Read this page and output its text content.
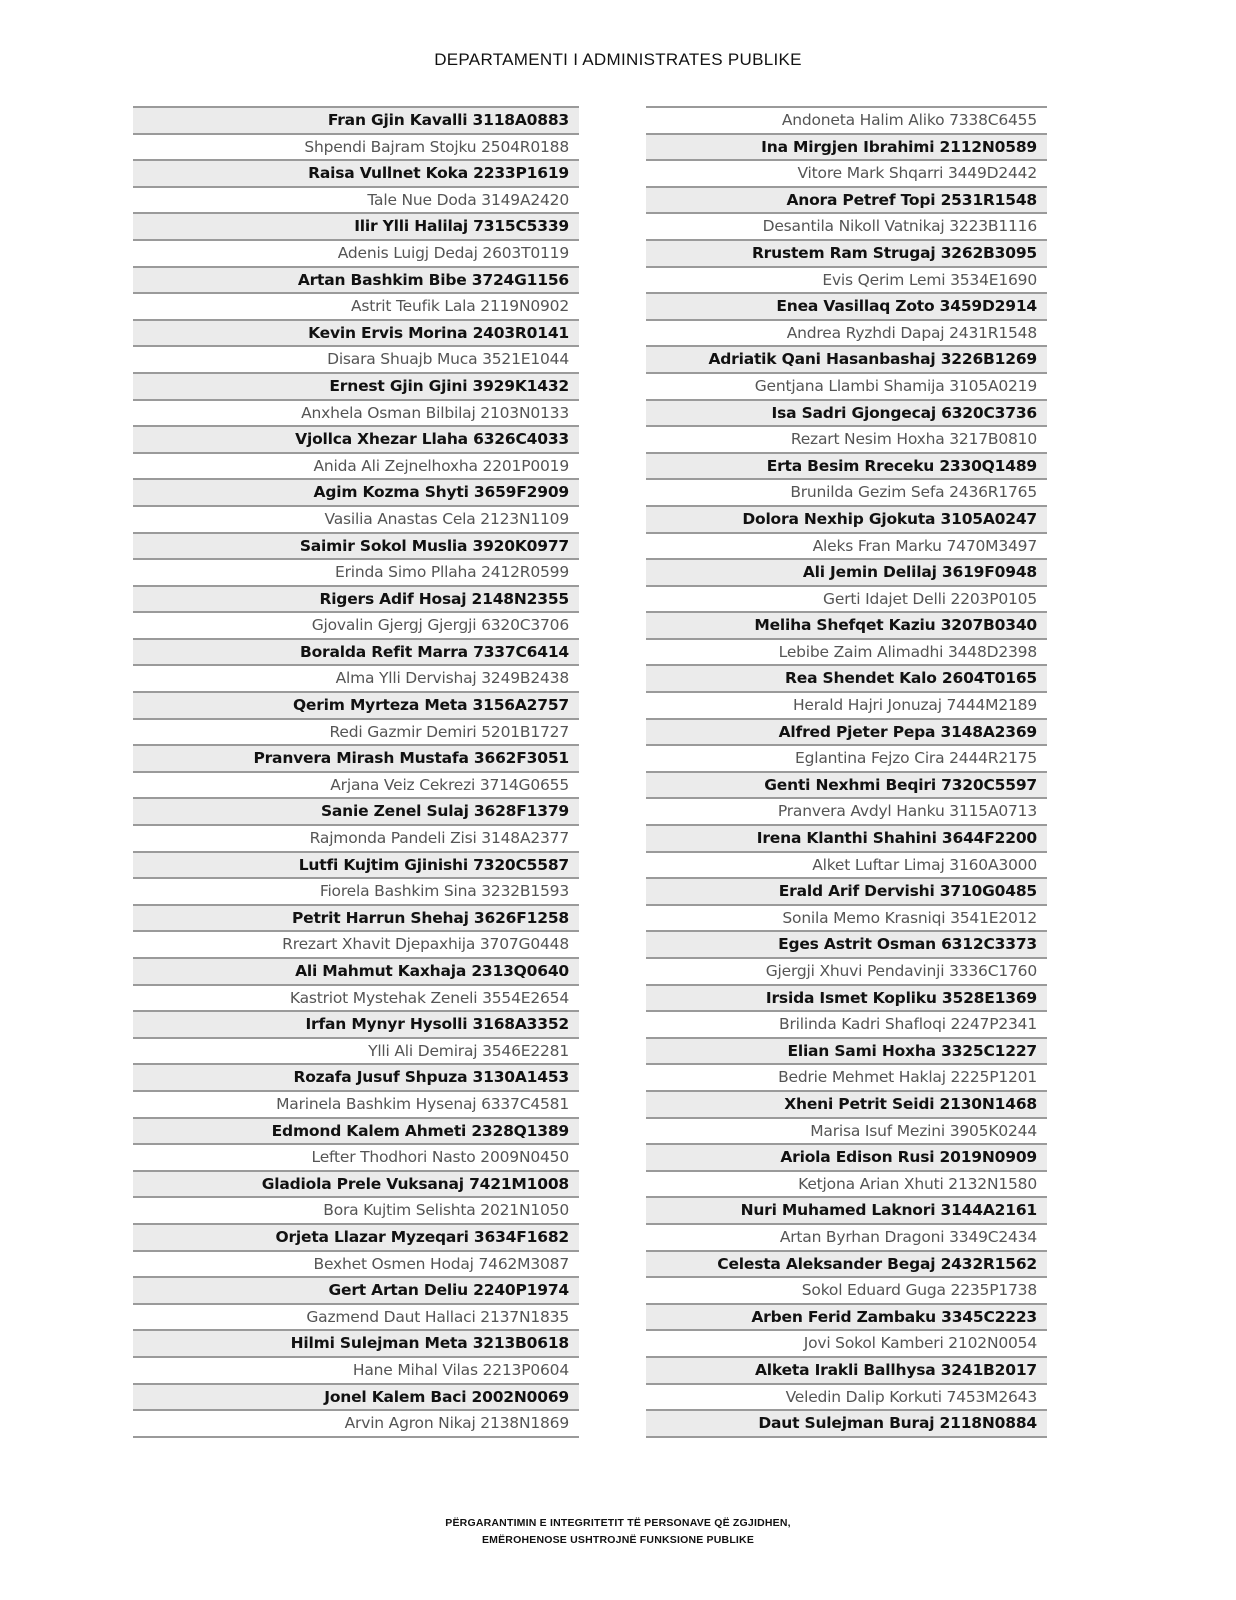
DEPARTAMENTI I ADMINISTRATES PUBLIKE
Fran Gjin Kavalli 3118A0883
Shpendi Bajram Stojku 2504R0188
Raisa Vullnet Koka 2233P1619
Tale Nue Doda 3149A2420
Ilir Ylli Halilaj 7315C5339
Adenis Luigj Dedaj 2603T0119
Artan Bashkim Bibe 3724G1156
Astrit Teufik Lala 2119N0902
Kevin Ervis Morina 2403R0141
Disara Shuajb Muca 3521E1044
Ernest Gjin Gjini 3929K1432
Anxhela Osman Bilbilaj 2103N0133
Vjollca Xhezar Llaha 6326C4033
Anida Ali Zejnelhoxha 2201P0019
Agim Kozma Shyti 3659F2909
Vasilia Anastas Cela 2123N1109
Saimir Sokol Muslia 3920K0977
Erinda Simo Pllaha 2412R0599
Rigers Adif Hosaj 2148N2355
Gjovalin Gjergj Gjergji 6320C3706
Boralda Refit Marra 7337C6414
Alma Ylli Dervishaj 3249B2438
Qerim Myrteza Meta 3156A2757
Redi Gazmir Demiri 5201B1727
Pranvera Mirash Mustafa 3662F3051
Arjana Veiz Cekrezi 3714G0655
Sanie Zenel Sulaj 3628F1379
Rajmonda Pandeli Zisi 3148A2377
Lutfi Kujtim Gjinishi 7320C5587
Fiorela Bashkim Sina 3232B1593
Petrit Harrun Shehaj 3626F1258
Rrezart Xhavit Djepaxhija 3707G0448
Ali Mahmut Kaxhaja 2313Q0640
Kastriot Mystehak Zeneli 3554E2654
Irfan Mynyr Hysolli 3168A3352
Ylli Ali Demiraj 3546E2281
Rozafa Jusuf Shpuza 3130A1453
Marinela Bashkim Hysenaj 6337C4581
Edmond Kalem Ahmeti 2328Q1389
Lefter Thodhori Nasto 2009N0450
Gladiola Prele Vuksanaj 7421M1008
Bora Kujtim Selishta 2021N1050
Orjeta Llazar Myzeqari 3634F1682
Bexhet Osmen Hodaj 7462M3087
Gert Artan Deliu 2240P1974
Gazmend Daut Hallaci 2137N1835
Hilmi Sulejman Meta 3213B0618
Hane Mihal Vilas 2213P0604
Jonel Kalem Baci 2002N0069
Arvin Agron Nikaj 2138N1869
Andoneta Halim Aliko 7338C6455
Ina Mirgjen Ibrahimi 2112N0589
Vitore Mark Shqarri 3449D2442
Anora Petref Topi 2531R1548
Desantila Nikoll Vatnikaj 3223B1116
Rrustem Ram Strugaj 3262B3095
Evis Qerim Lemi 3534E1690
Enea Vasillaq Zoto 3459D2914
Andrea Ryzhdi Dapaj 2431R1548
Adriatik Qani Hasanbashaj 3226B1269
Gentjana Llambi Shamija 3105A0219
Isa Sadri Gjongecaj 6320C3736
Rezart Nesim Hoxha 3217B0810
Erta Besim Rreceku 2330Q1489
Brunilda Gezim Sefa 2436R1765
Dolora Nexhip Gjokuta 3105A0247
Aleks Fran Marku 7470M3497
Ali Jemin Delilaj 3619F0948
Gerti Idajet Delli 2203P0105
Meliha Shefqet Kaziu 3207B0340
Lebibe Zaim Alimadhi 3448D2398
Rea Shendet Kalo 2604T0165
Herald Hajri Jonuzaj 7444M2189
Alfred Pjeter Pepa 3148A2369
Eglantina Fejzo Cira 2444R2175
Genti Nexhmi Beqiri 7320C5597
Pranvera Avdyl Hanku 3115A0713
Irena Klanthi Shahini 3644F2200
Alket Luftar Limaj 3160A3000
Erald Arif Dervishi 3710G0485
Sonila Memo Krasniqi 3541E2012
Eges Astrit Osman 6312C3373
Gjergji Xhuvi Pendavinji 3336C1760
Irsida Ismet Kopliku 3528E1369
Brilinda Kadri Shafloqi 2247P2341
Elian Sami Hoxha 3325C1227
Bedrie Mehmet Haklaj 2225P1201
Xheni Petrit Seidi 2130N1468
Marisa Isuf Mezini 3905K0244
Ariola Edison Rusi 2019N0909
Ketjona Arian Xhuti 2132N1580
Nuri Muhamed Laknori 3144A2161
Artan Byrhan Dragoni 3349C2434
Celesta Aleksander Begaj 2432R1562
Sokol Eduard Guga 2235P1738
Arben Ferid Zambaku 3345C2223
Jovi Sokol Kamberi 2102N0054
Alketa Irakli Ballhysa 3241B2017
Veledin Dalip Korkuti 7453M2643
Daut Sulejman Buraj 2118N0884
PËRGARANTIMIN E INTEGRITETIT TË PERSONAVE QË ZGJIDHEN,
EMËROHENOSE USHTROJNË FUNKSIONE PUBLIKE
